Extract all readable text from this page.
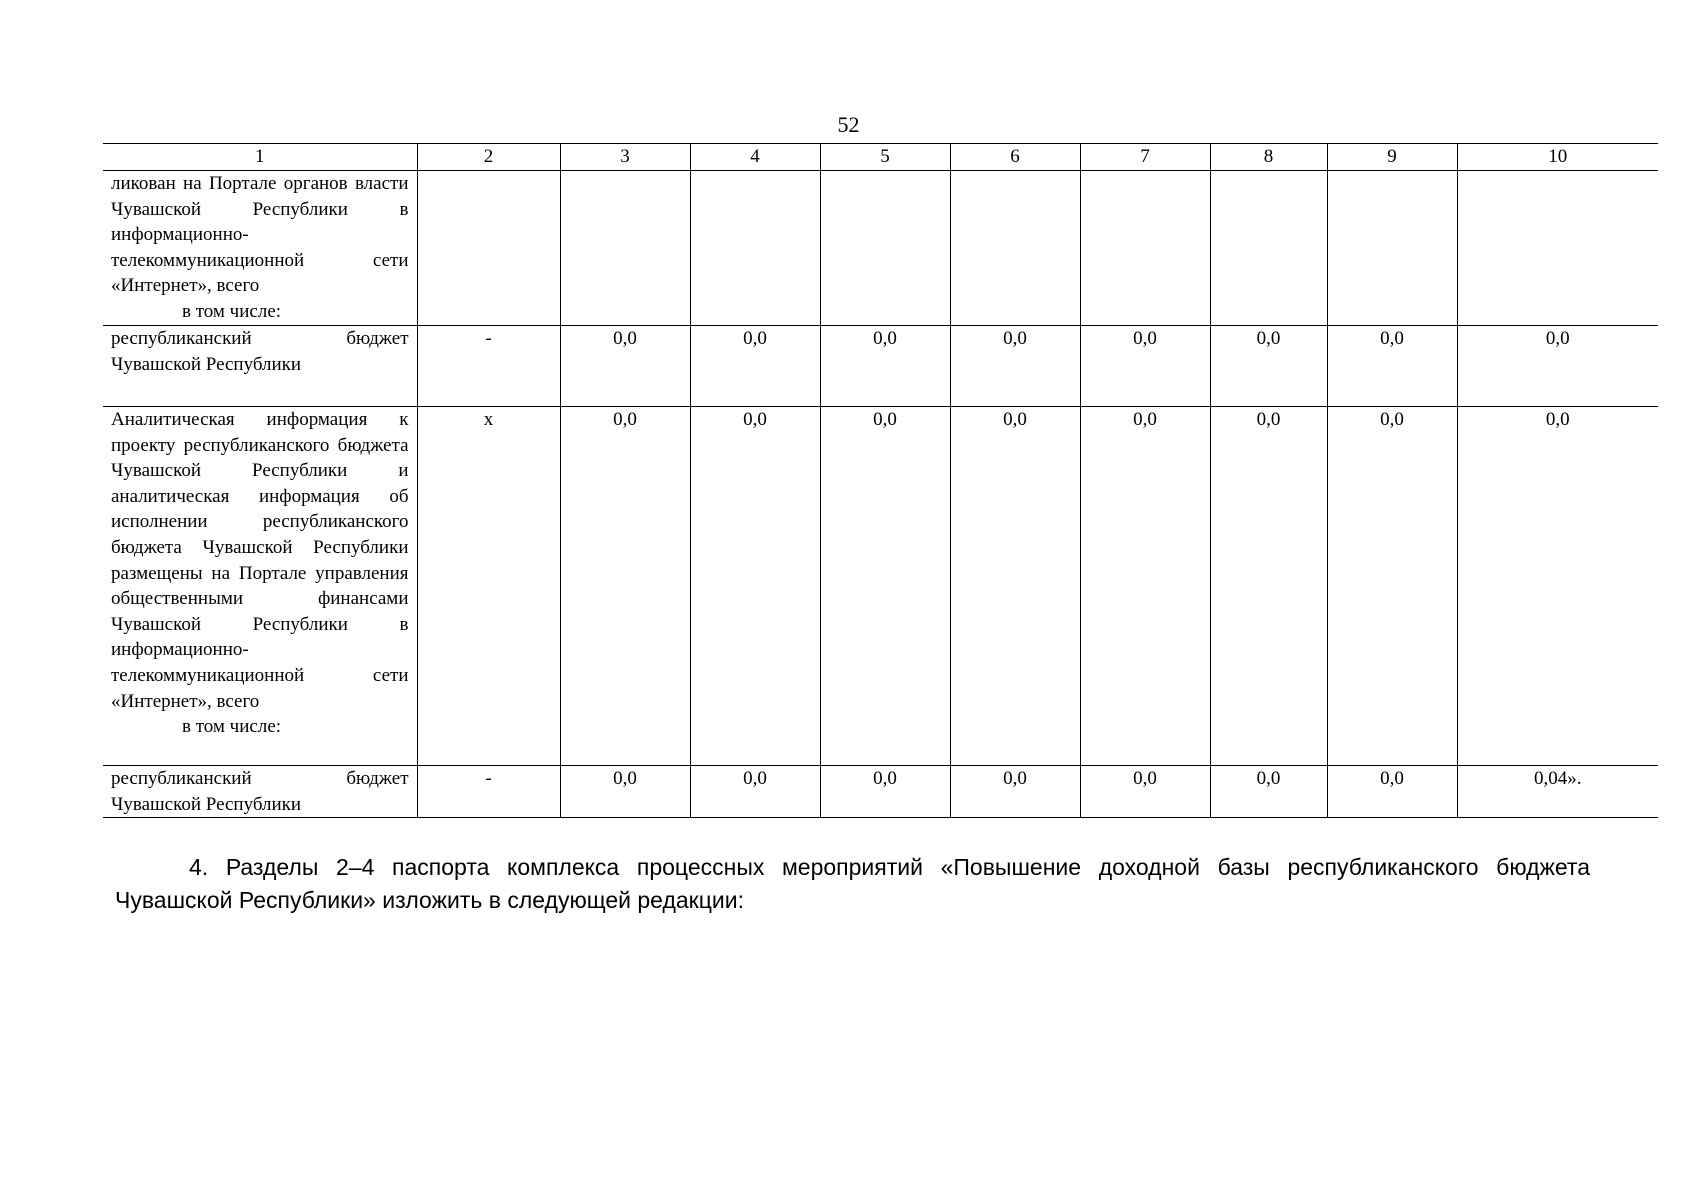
52
1	2	3	4	5	6	7	8	9	10
ликован на Портале органов власти Чувашской Республики в информационно-телекоммуникационной сети «Интернет», всего
в том числе:									

республиканский бюджет Чувашской Республики	-	0,0	0,0	0,0	0,0	0,0	0,0	0,0	0,0
Аналитическая информация к проекту республиканского бюджета Чувашской Республики и аналитическая информация об исполнении республиканского бюджета Чувашской Республики размещены на Портале управления общественными финансами Чувашской Республики в информационно-телекоммуникационной сети «Интернет», всего
в том числе:	х	0,0	0,0	0,0	0,0	0,0	0,0	0,0	0,0
республиканский бюджет Чувашской Республики	-	0,0	0,0	0,0	0,0	0,0	0,0	0,0	0,04».
4. Разделы 2–4 паспорта комплекса процессных мероприятий «Повышение доходной базы республиканского бюджета Чувашской Республики» изложить в следующей редакции:
